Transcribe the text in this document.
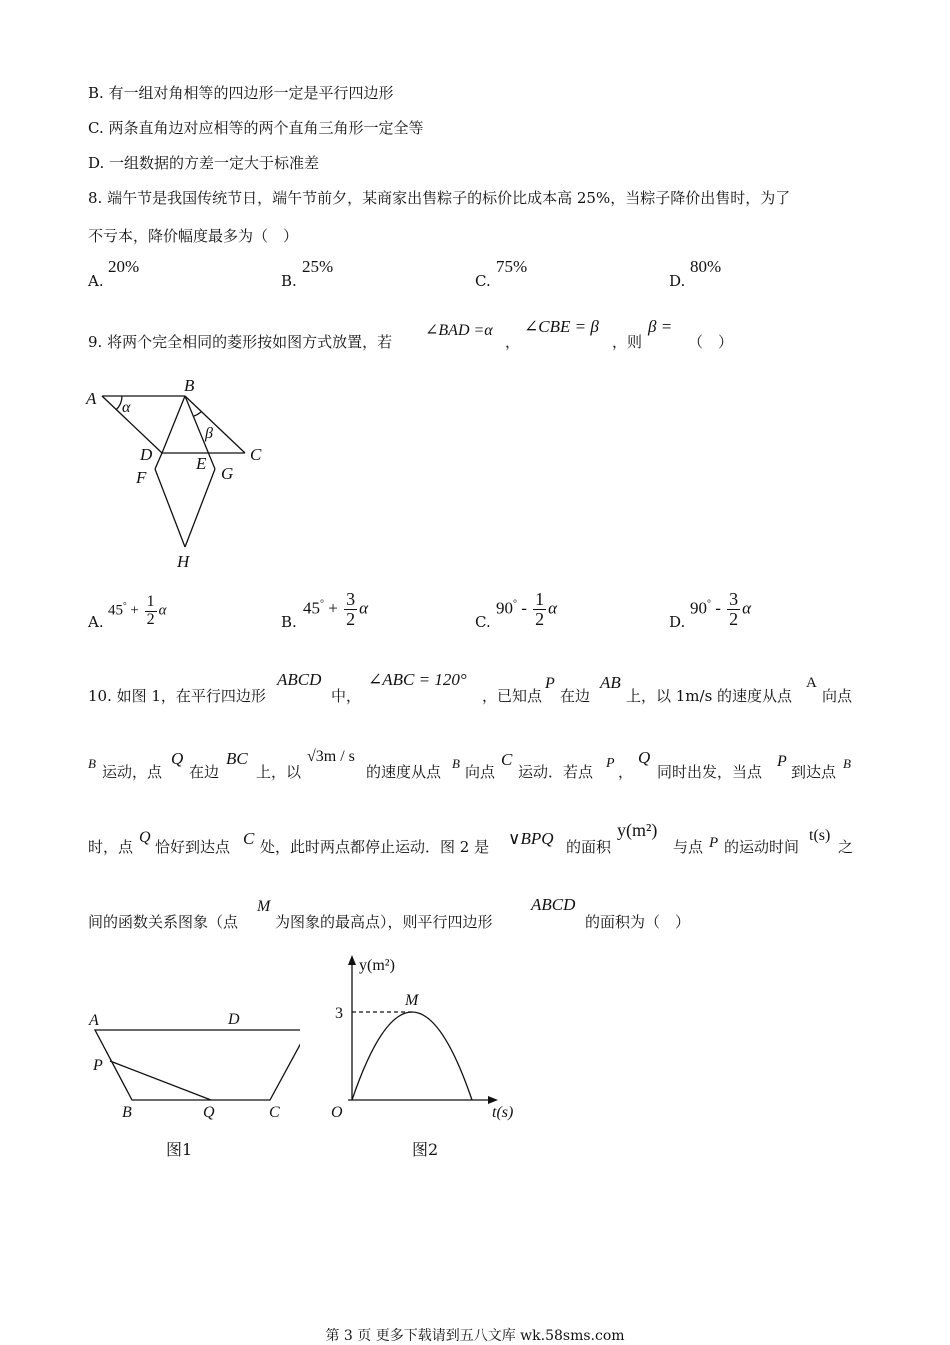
B. 有一组对角相等的四边形一定是平行四边形
C. 两条直角边对应相等的两个直角三角形一定全等
D. 一组数据的方差一定大于标准差
8. 端午节是我国传统节日，端午节前夕，某商家出售粽子的标价比成本高 25%，当粽子降价出售时，为了
不亏本，降价幅度最多为（　）
A.
20%
B.
25%
C.
75%
D.
80%
9. 将两个完全相同的菱形按如图方式放置，若
∠BAD =α
，
∠CBE = β
，则
β =
（　）
A
B
C
D	E
F	G
H
α
β
A.
$45^\circ + \frac{1}{2}$ α
B.
$45^\circ + \frac{3}{2}$ α
C.
$90^\circ - \frac{1}{2}$ α
D.
$90^\circ - \frac{3}{2}$ α
10. 如图 1，在平行四边形
ABCD
中，
∠ABC = 120°
，已知点
P
在边
AB
上，以 1m/s 的速度从点
A
向点
B 运动，点
Q
在边
BC
上，以
√3m / s
的速度从点 B 向点
C
运动．若点 P ，
Q
同时出发，当点
P
到达点 B
时，点
Q
恰好到达点 C 处，此时两点都停止运动．图 2 是 ∨BPQ 的面积
y(m²)
与点 P 的运动时间
t(s)
之
间的函数关系图象（点
M
为图象的最高点），则平行四边形
ABCD
的面积为（　）
A	D
P
B	Q	C
图1
y(m²)
t(s)
O
M
3
图2
第 3 页 更多下载请到五八文库 wk.58sms.com
